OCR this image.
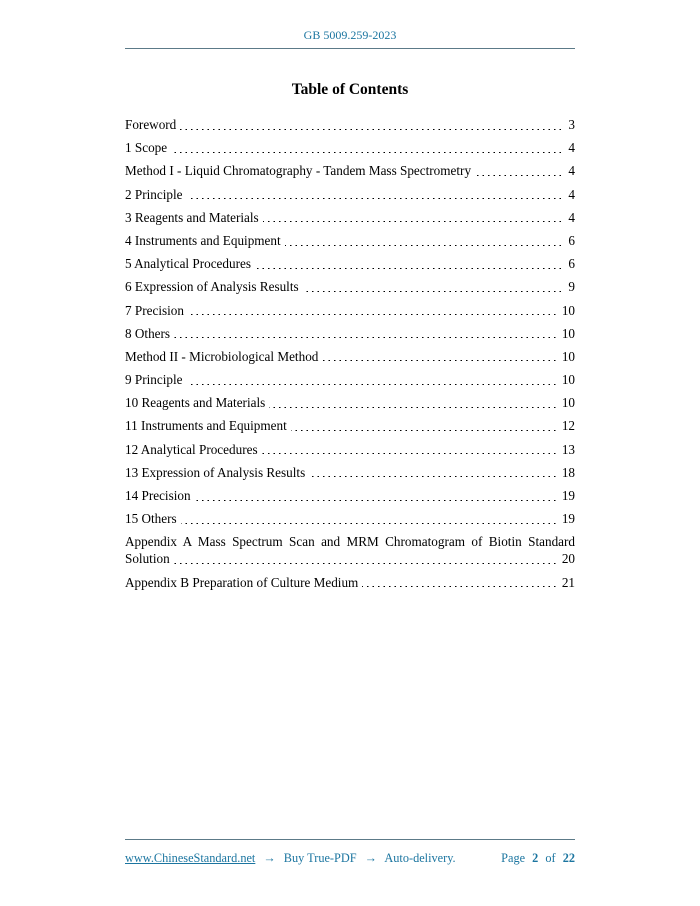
GB 5009.259-2023
Table of Contents
Foreword	3
1 Scope	4
Method I - Liquid Chromatography - Tandem Mass Spectrometry	4
2 Principle	4
3 Reagents and Materials	4
4 Instruments and Equipment	6
5 Analytical Procedures	6
6 Expression of Analysis Results	9
7 Precision	10
8 Others	10
Method II - Microbiological Method	10
9 Principle	10
10 Reagents and Materials	10
11 Instruments and Equipment	12
12 Analytical Procedures	13
13 Expression of Analysis Results	18
14 Precision	19
15 Others	19
Appendix A Mass Spectrum Scan and MRM Chromatogram of Biotin Standard Solution	20
Appendix B Preparation of Culture Medium	21
www.ChineseStandard.net → Buy True-PDF → Auto-delivery.	Page 2 of 22
